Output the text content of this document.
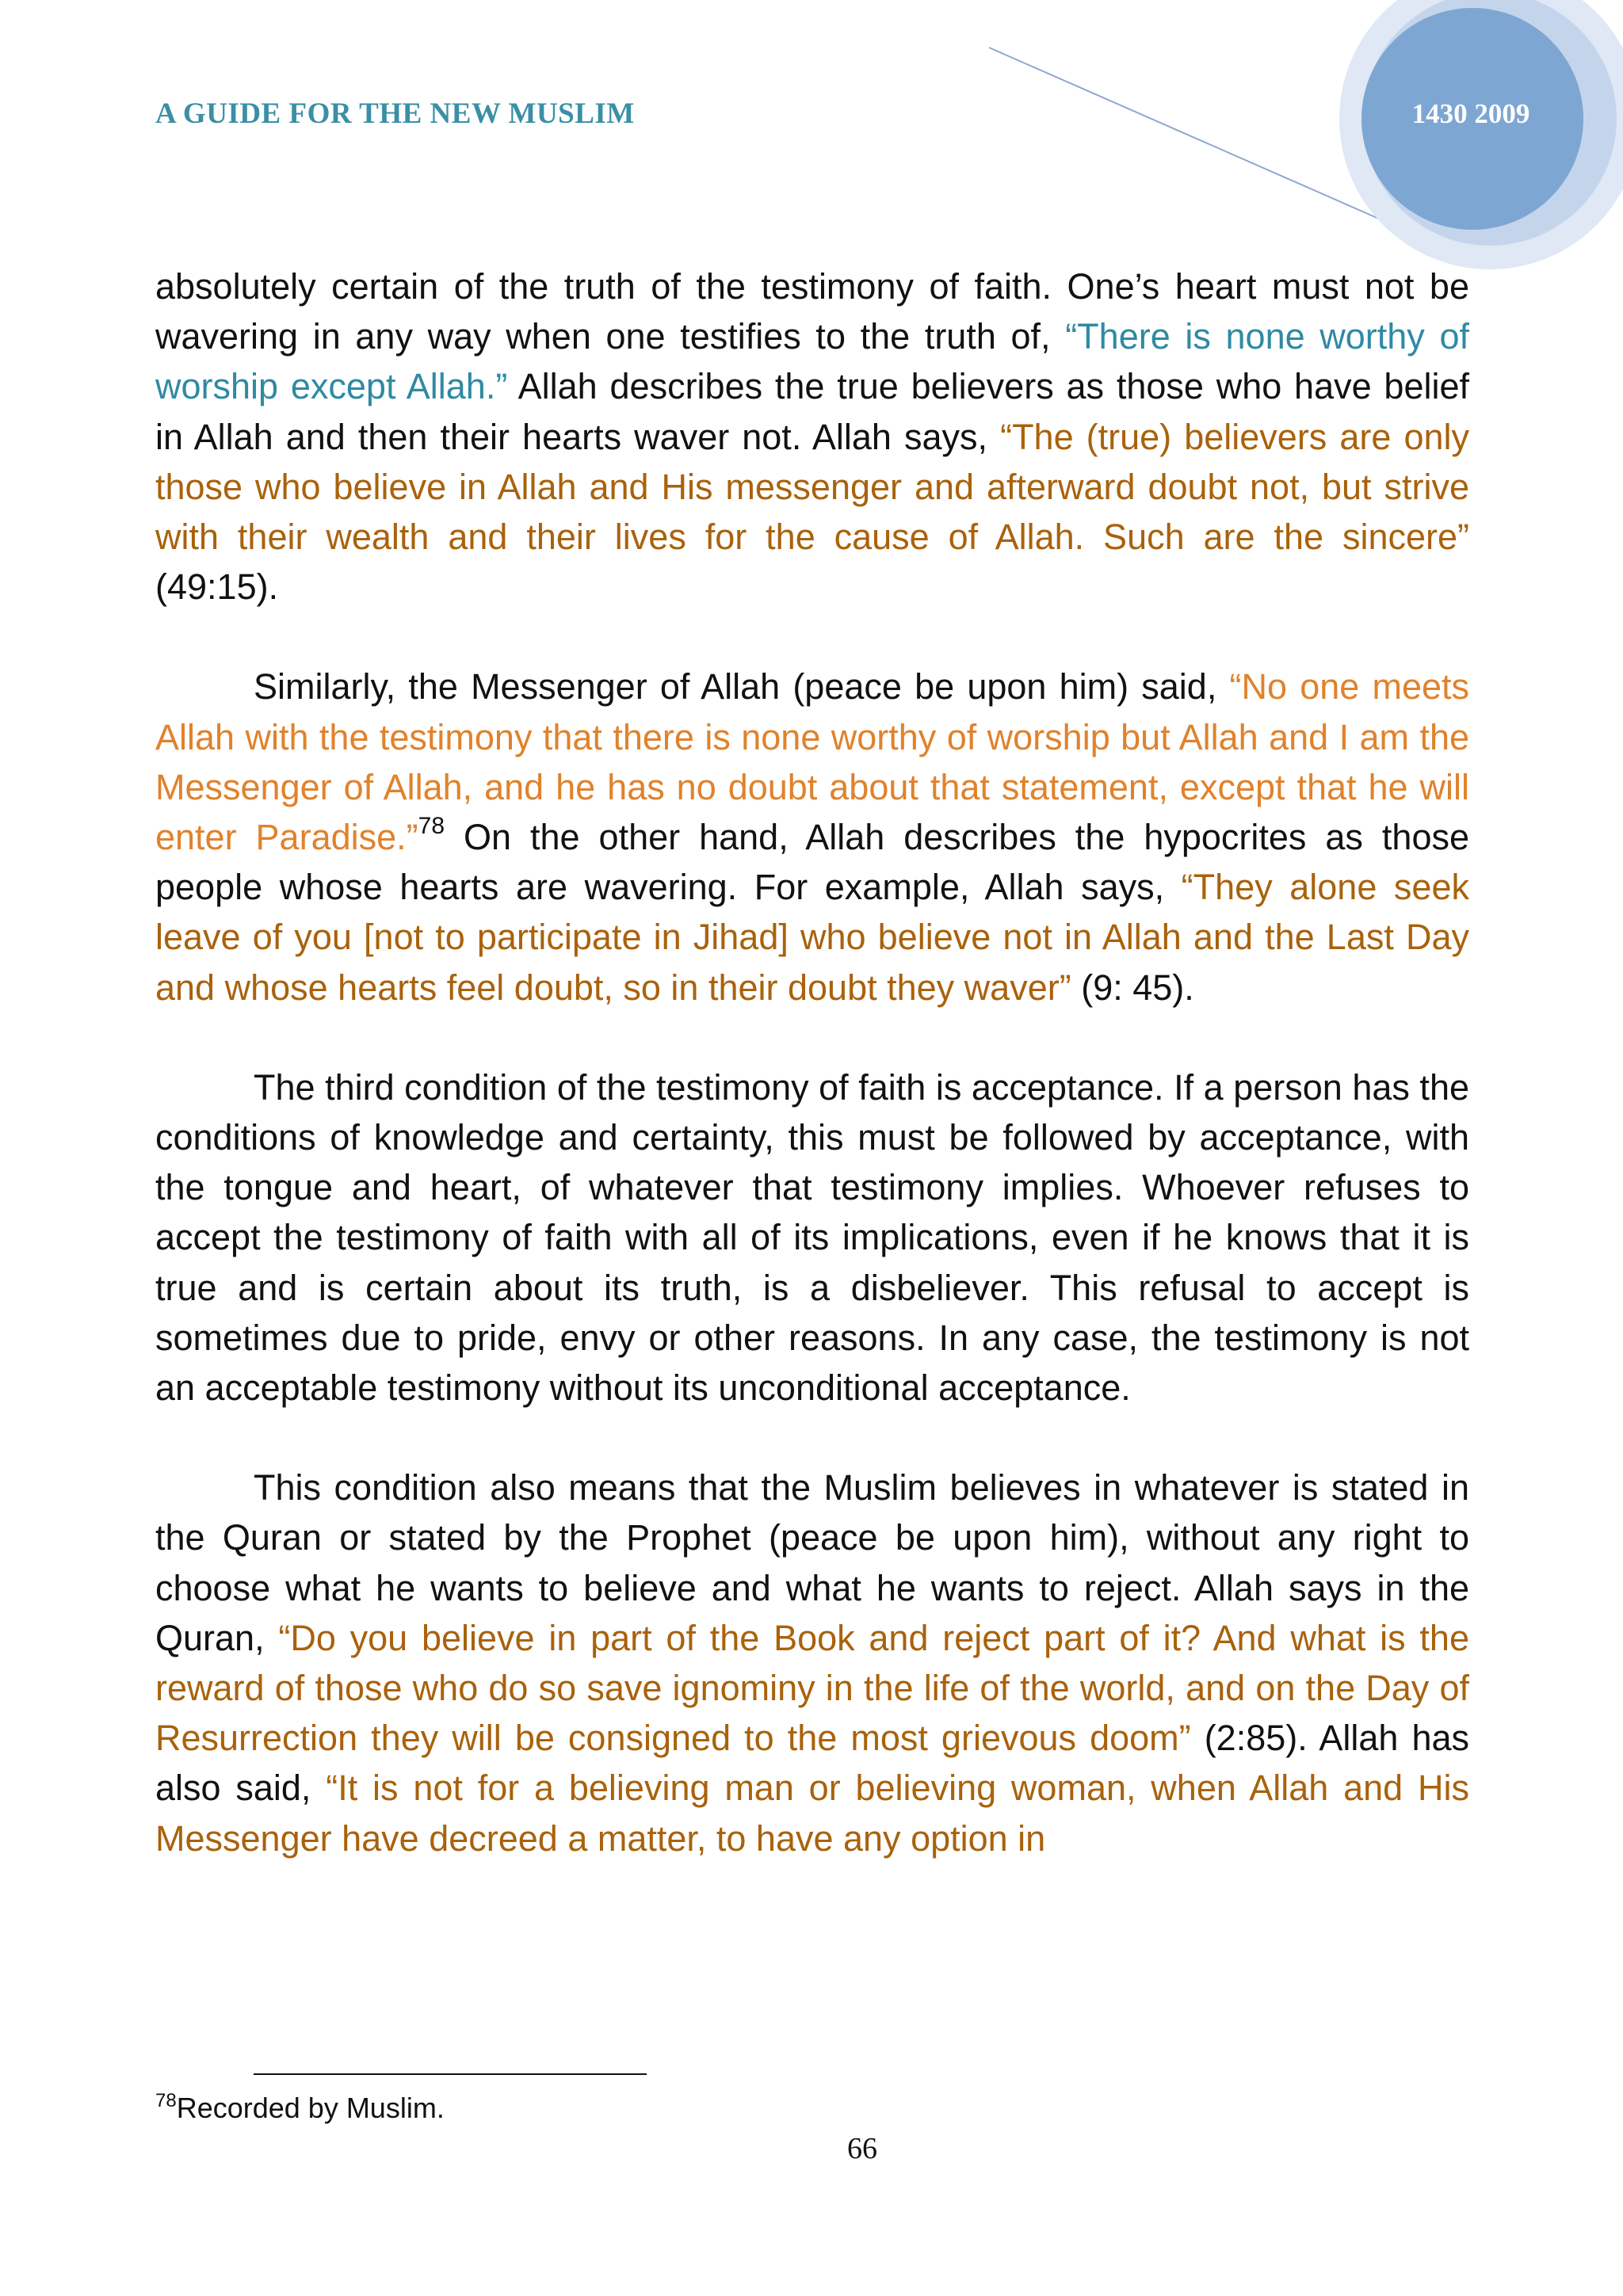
A GUIDE FOR THE NEW MUSLIM	1430 2009

absolutely certain of the truth of the testimony of faith. One’s heart must not be wavering in any way when one testifies to the truth of, “There is none worthy of worship except Allah.” Allah describes the true believers as those who have belief in Allah and then their hearts waver not. Allah says, “The (true) believers are only those who believe in Allah and His messenger and afterward doubt not, but strive with their wealth and their lives for the cause of Allah. Such are the sincere” (49:15).

Similarly, the Messenger of Allah (peace be upon him) said, “No one meets Allah with the testimony that there is none worthy of worship but Allah and I am the Messenger of Allah, and he has no doubt about that statement, except that he will enter Paradise.”$^{78}$ On the other hand, Allah describes the hypocrites as those people whose hearts are wavering. For example, Allah says, “They alone seek leave of you [not to participate in Jihad] who believe not in Allah and the Last Day and whose hearts feel doubt, so in their doubt they waver” (9: 45).

The third condition of the testimony of faith is acceptance. If a person has the conditions of knowledge and certainty, this must be followed by acceptance, with the tongue and heart, of whatever that testimony implies. Whoever refuses to accept the testimony of faith with all of its implications, even if he knows that it is true and is certain about its truth, is a disbeliever. This refusal to accept is sometimes due to pride, envy or other reasons. In any case, the testimony is not an acceptable testimony without its unconditional acceptance.

This condition also means that the Muslim believes in whatever is stated in the Quran or stated by the Prophet (peace be upon him), without any right to choose what he wants to believe and what he wants to reject. Allah says in the Quran, “Do you believe in part of the Book and reject part of it? And what is the reward of those who do so save ignominy in the life of the world, and on the Day of Resurrection they will be consigned to the most grievous doom” (2:85). Allah has also said, “It is not for a believing man or believing woman, when Allah and His Messenger have decreed a matter, to have any option in

$^{78}$Recorded by Muslim.
66
